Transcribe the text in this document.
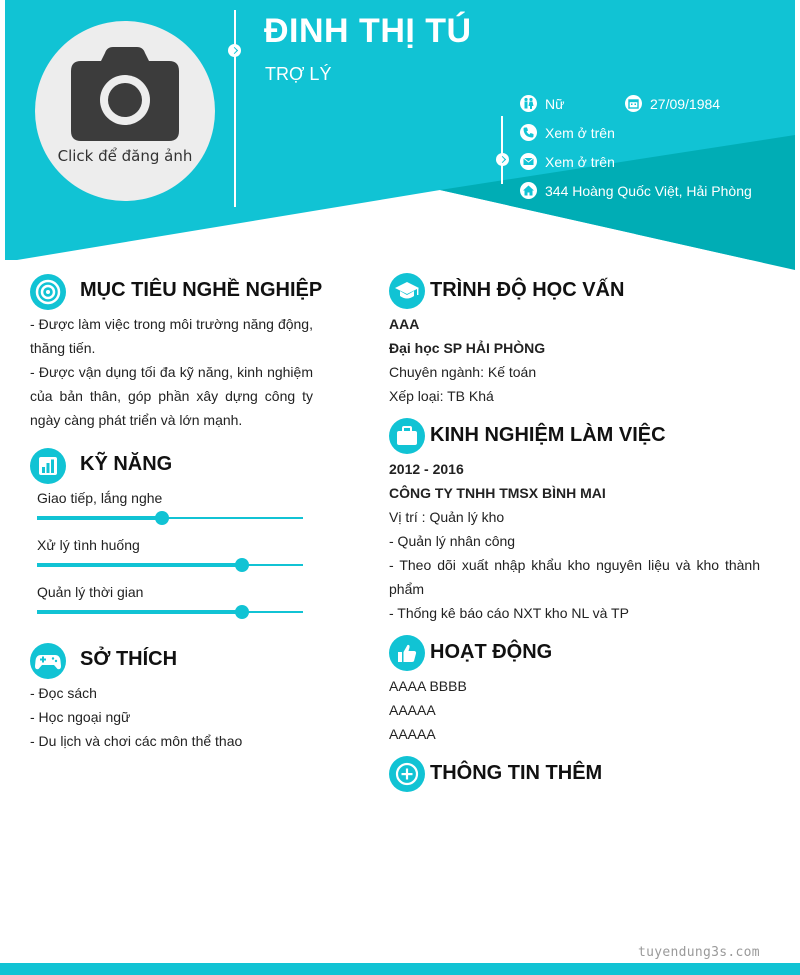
Click để đăng ảnh
ĐINH THỊ TÚ
TRỢ LÝ
Nữ	27/09/1984
Xem ở trên
Xem ở trên
344 Hoàng Quốc Việt, Hải Phòng
MỤC TIÊU NGHỀ NGHIỆP

- Được làm việc trong môi trường năng động, thăng tiến.

- Được vận dụng tối đa kỹ năng, kinh nghiệm của bản thân, góp phần xây dựng công ty ngày càng phát triển và lớn mạnh.

KỸ NĂNG
Giao tiếp, lắng nghe
Xử lý tình huống
Quản lý thời gian
SỞ THÍCH

- Đọc sách

- Học ngoại ngữ

- Du lịch và chơi các môn thể thao

TRÌNH ĐỘ HỌC VẤN

AAA

Đại học SP HẢI PHÒNG

Chuyên ngành: Kế toán

Xếp loại: TB Khá

KINH NGHIỆM LÀM VIỆC

2012 - 2016

CÔNG TY TNHH TMSX BÌNH MAI

Vị trí : Quản lý kho

- Quản lý nhân công

- Theo dõi xuất nhập khẩu kho nguyên liệu và kho thành phẩm

- Thống kê báo cáo NXT kho NL và TP

HOẠT ĐỘNG

AAAA BBBB

AAAAA

AAAAA

THÔNG TIN THÊM
tuyendung3s.com
